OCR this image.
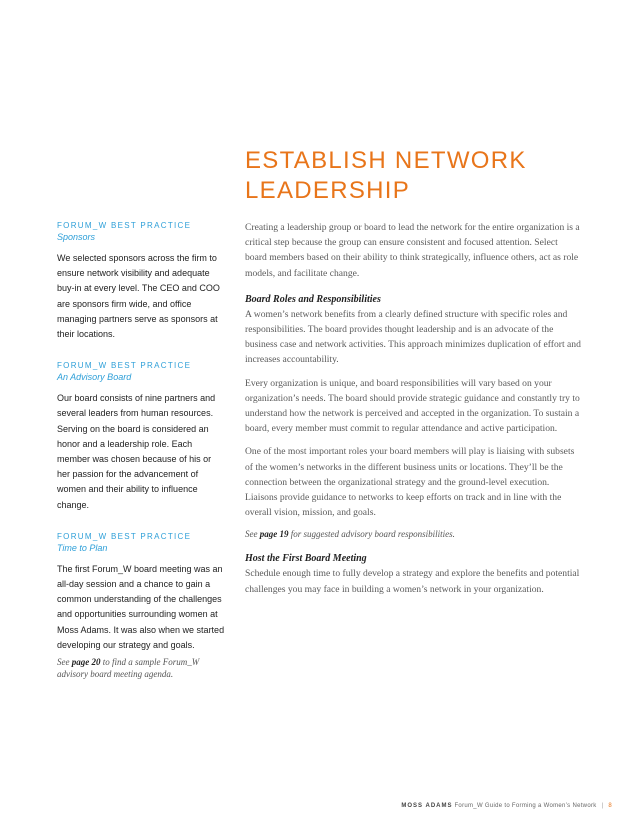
ESTABLISH NETWORK
LEADERSHIP
FORUM_W BEST PRACTICE
Sponsors

We selected sponsors across the firm to ensure network visibility and adequate buy-in at every level. The CEO and COO are sponsors firm wide, and office managing partners serve as sponsors at their locations.

FORUM_W BEST PRACTICE
An Advisory Board

Our board consists of nine partners and several leaders from human resources. Serving on the board is considered an honor and a leadership role. Each member was chosen because of his or her passion for the advancement of women and their ability to influence change.

FORUM_W BEST PRACTICE
Time to Plan

The first Forum_W board meeting was an all-day session and a chance to gain a common understanding of the challenges and opportunities surrounding women at Moss Adams. It was also when we started developing our strategy and goals.

See page 20 to find a sample Forum_W advisory board meeting agenda.

Creating a leadership group or board to lead the network for the entire organization is a critical step because the group can ensure consistent and focused attention. Select board members based on their ability to think strategically, influence others, act as role models, and facilitate change.

Board Roles and Responsibilities

A women’s network benefits from a clearly defined structure with specific roles and responsibilities. The board provides thought leadership and is an advocate of the business case and network activities. This approach minimizes duplication of effort and increases accountability.

Every organization is unique, and board responsibilities will vary based on your organization’s needs. The board should provide strategic guidance and constantly try to understand how the network is perceived and accepted in the organization. To sustain a board, every member must commit to regular attendance and active participation.

One of the most important roles your board members will play is liaising with subsets of the women’s networks in the different business units or locations. They’ll be the connection between the organizational strategy and the ground-level execution. Liaisons provide guidance to networks to keep efforts on track and in line with the overall vision, mission, and goals.

See page 19 for suggested advisory board responsibilities.

Host the First Board Meeting

Schedule enough time to fully develop a strategy and explore the benefits and potential challenges you may face in building a women’s network in your organization.

MOSS ADAMS Forum_W Guide to Forming a Women’s Network | 8
